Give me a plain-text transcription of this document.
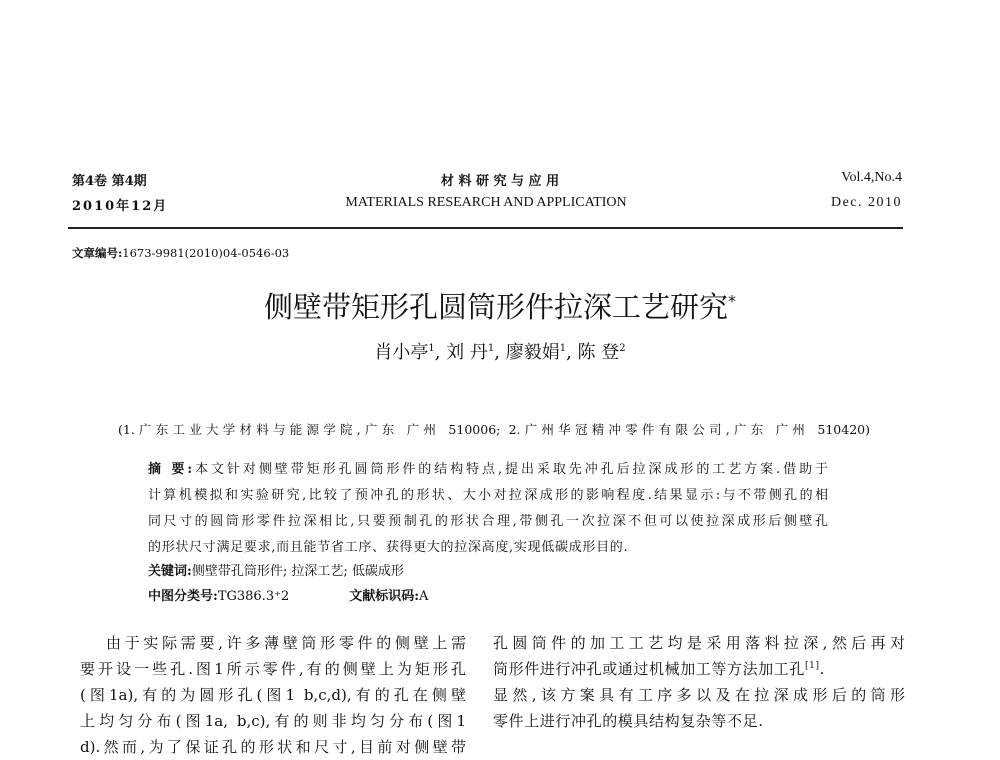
第4卷 第4期
2010年12月
材 料 研 究 与 应 用
MATERIALS RESEARCH AND APPLICATION
Vol.4,No.4
Dec. 2010
文章编号:1673-9981(2010)04-0546-03
侧壁带矩形孔圆筒形件拉深工艺研究*
肖小亭$^1$, 刘 丹$^1$, 廖毅娟$^1$, 陈 登$^2$
(1.广东工业大学材料与能源学院,广东 广州 510006; 2.广州华冠精冲零件有限公司,广东 广州 510420)
摘 要:本文针对侧壁带矩形孔圆筒形件的结构特点,提出采取先冲孔后拉深成形的工艺方案.借助于
计算机模拟和实验研究,比较了预冲孔的形状、大小对拉深成形的影响程度.结果显示:与不带侧孔的相
同尺寸的圆筒形零件拉深相比,只要预制孔的形状合理,带侧孔一次拉深不但可以使拉深成形后侧壁孔
的形状尺寸满足要求,而且能节省工序、获得更大的拉深高度,实现低碳成形目的.
关键词:侧壁带孔筒形件; 拉深工艺; 低碳成形
中图分类号:TG386.3⁺2	文献标识码:A
由于实际需要,许多薄壁筒形零件的侧壁上需
要开设一些孔.图1所示零件,有的侧壁上为矩形孔
(图1a),有的为圆形孔(图1 b,c,d),有的孔在侧壁
上均匀分布(图1a, b,c),有的则非均匀分布(图1
d).然而,为了保证孔的形状和尺寸,目前对侧壁带
孔圆筒件的加工工艺均是采用落料拉深,然后再对
筒形件进行冲孔或通过机械加工等方法加工孔[1].
显然,该方案具有工序多以及在拉深成形后的筒形
零件上进行冲孔的模具结构复杂等不足.
